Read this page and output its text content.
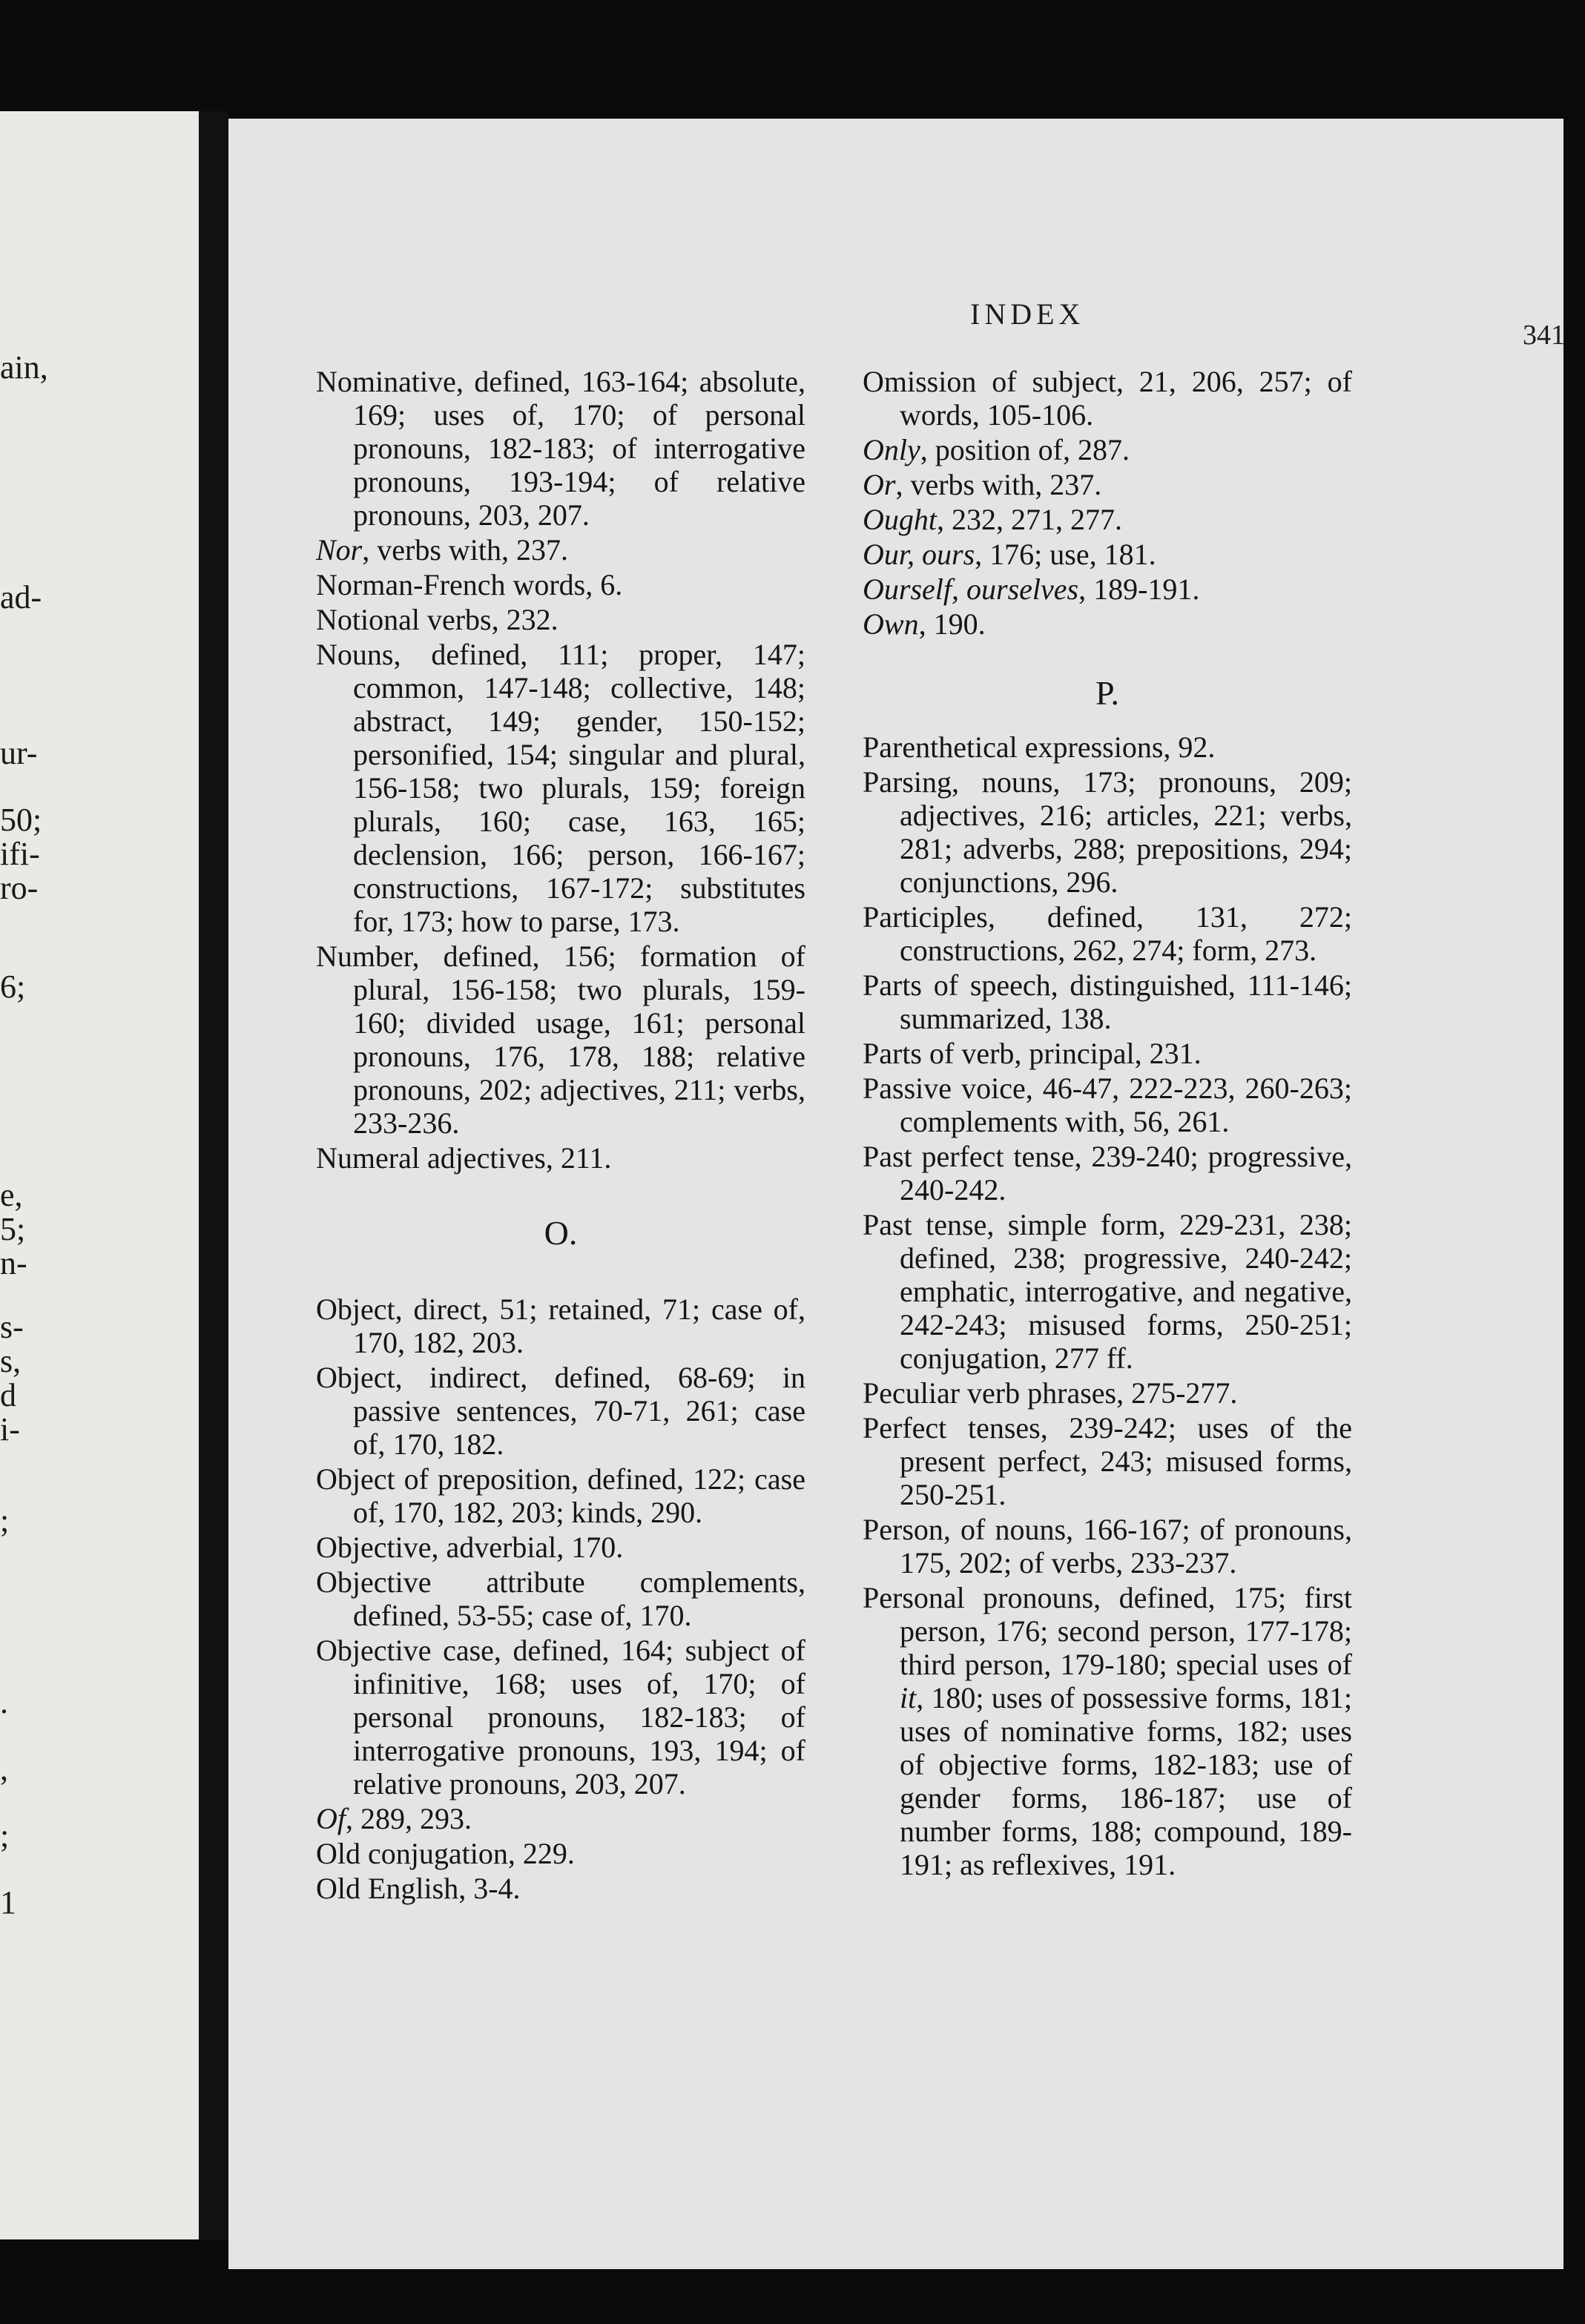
ain,
ad-
ur-
50;
ifi-
ro-
6;
e,
5;
n-
s-
s,
d
i-
;
.
,
;
1
INDEX
341
Nominative, defined, 163-164; absolute, 169; uses of, 170; of personal pronouns, 182-183; of interrogative pronouns, 193-194; of relative pronouns, 203, 207.
Nor, verbs with, 237.
Norman-French words, 6.
Notional verbs, 232.
Nouns, defined, 111; proper, 147; common, 147-148; collective, 148; abstract, 149; gender, 150-152; personified, 154; singular and plural, 156-158; two plurals, 159; foreign plurals, 160; case, 163, 165; declension, 166; person, 166-167; constructions, 167-172; substitutes for, 173; how to parse, 173.
Number, defined, 156; formation of plural, 156-158; two plurals, 159-160; divided usage, 161; personal pronouns, 176, 178, 188; relative pronouns, 202; adjectives, 211; verbs, 233-236.
Numeral adjectives, 211.
O.
Object, direct, 51; retained, 71; case of, 170, 182, 203.
Object, indirect, defined, 68-69; in passive sentences, 70-71, 261; case of, 170, 182.
Object of preposition, defined, 122; case of, 170, 182, 203; kinds, 290.
Objective, adverbial, 170.
Objective attribute complements, defined, 53-55; case of, 170.
Objective case, defined, 164; subject of infinitive, 168; uses of, 170; of personal pronouns, 182-183; of interrogative pronouns, 193, 194; of relative pronouns, 203, 207.
Of, 289, 293.
Old conjugation, 229.
Old English, 3-4.
Omission of subject, 21, 206, 257; of words, 105-106.
Only, position of, 287.
Or, verbs with, 237.
Ought, 232, 271, 277.
Our, ours, 176; use, 181.
Ourself, ourselves, 189-191.
Own, 190.
P.
Parenthetical expressions, 92.
Parsing, nouns, 173; pronouns, 209; adjectives, 216; articles, 221; verbs, 281; adverbs, 288; prepositions, 294; conjunctions, 296.
Participles, defined, 131, 272; constructions, 262, 274; form, 273.
Parts of speech, distinguished, 111-146; summarized, 138.
Parts of verb, principal, 231.
Passive voice, 46-47, 222-223, 260-263; complements with, 56, 261.
Past perfect tense, 239-240; progressive, 240-242.
Past tense, simple form, 229-231, 238; defined, 238; progressive, 240-242; emphatic, interrogative, and negative, 242-243; misused forms, 250-251; conjugation, 277 ff.
Peculiar verb phrases, 275-277.
Perfect tenses, 239-242; uses of the present perfect, 243; misused forms, 250-251.
Person, of nouns, 166-167; of pronouns, 175, 202; of verbs, 233-237.
Personal pronouns, defined, 175; first person, 176; second person, 177-178; third person, 179-180; special uses of it, 180; uses of possessive forms, 181; uses of nominative forms, 182; uses of objective forms, 182-183; use of gender forms, 186-187; use of number forms, 188; compound, 189-191; as reflexives, 191.
